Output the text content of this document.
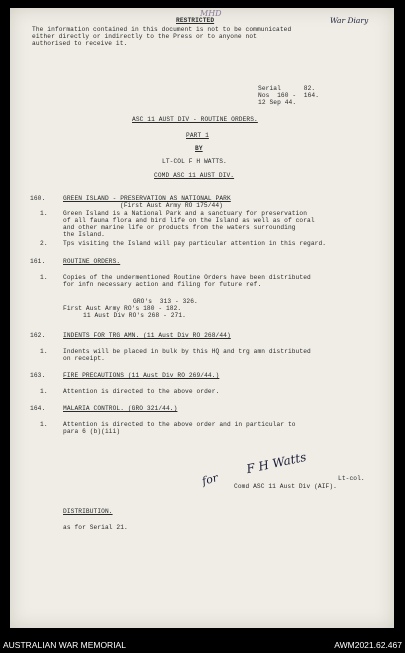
MHD
RESTRICTED	War Diary
The information contained in this document is not to be communicated
either directly or indirectly to the Press or to anyone not
authorised to receive it.
Serial      82.
Nos  160 -  164.
12 Sep 44.
ASC 11 AUST DIV - ROUTINE ORDERS.
PART 1
BY
LT-COL F H WATTS.
COMD ASC 11 AUST DIV.
160.	GREEN ISLAND - PRESERVATION AS NATIONAL PARK
(First Aust Army RO 175/44)
1. Green Island is a National Park and a sanctuary for preservation
of all fauna flora and bird life on the Island as well as of coral
and other marine life or products from the waters surrounding
the Island.
2. Tps visiting the Island will pay particular attention in this regard.
161.	ROUTINE ORDERS.
1. Copies of the undermentioned Routine Orders have been distributed
for infn necessary action and filing for future ref.
GRO's  313 - 326.
First Aust Army RO's 180 - 182.
11 Aust Div RO's 268 - 271.
162.	INDENTS FOR TRG AMN. (11 Aust Div RO 268/44)
1. Indents will be placed in bulk by this HQ and trg amn distributed
on receipt.
163.	FIRE PRECAUTIONS (11 Aust Div RO 269/44.)
1. Attention is directed to the above order.
164.	MALARIA CONTROL. (GRO 321/44.)
1. Attention is directed to the above order and in particular to
para 6 (b)(iii)
for
F H Watts
Lt-col.
Comd ASC 11 Aust Div (AIF).
DISTRIBUTION.
as for Serial 21.
AUSTRALIAN WAR MEMORIAL	AWM2021.62.467
